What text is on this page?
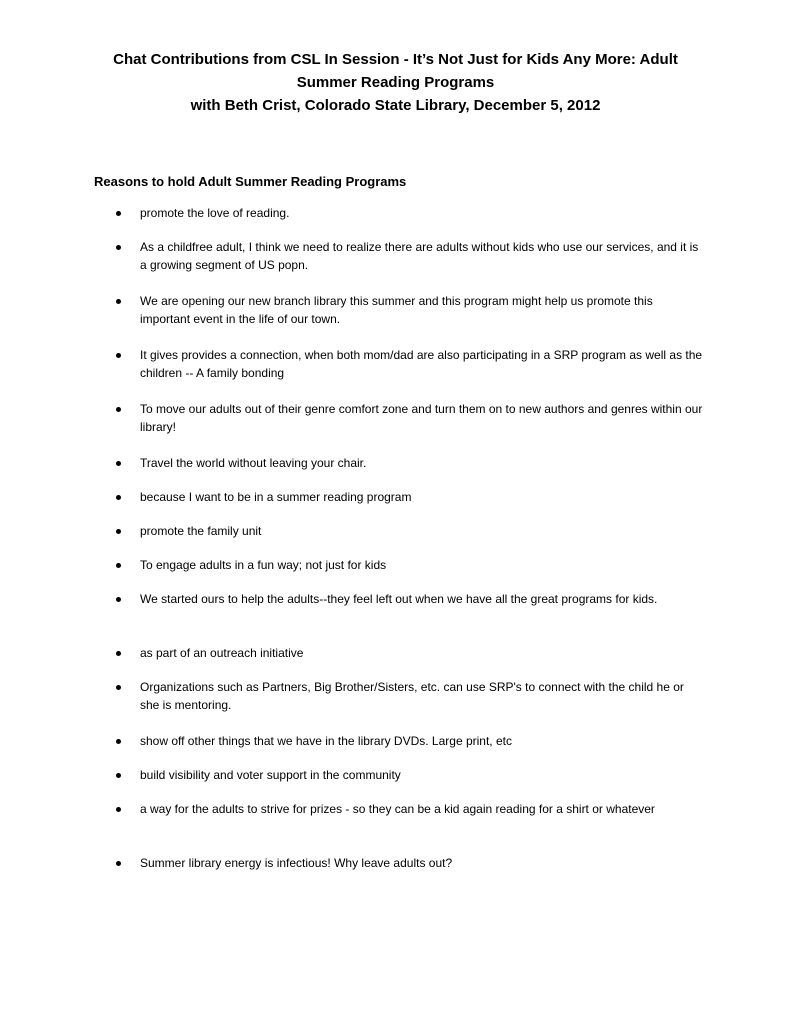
Chat Contributions from CSL In Session - It’s Not Just for Kids Any More: Adult
Summer Reading Programs
with Beth Crist, Colorado State Library, December 5, 2012
Reasons to hold Adult Summer Reading Programs
promote the love of reading.
As a childfree adult, I think we need to realize there are adults without kids who use our services, and it is a growing segment of US popn.
We are opening our new branch library this summer and this program might help us promote this important event in the life of our town.
It gives provides a connection, when both mom/dad are also participating in a SRP program as well as the children -- A family bonding
To move our adults out of their genre comfort zone and turn them on to new authors and genres within our library!
Travel the world without leaving your chair.
because I want to be in a summer reading program
promote the family unit
To engage adults in a fun way; not just for kids
We started ours to help the adults--they feel left out when we have all the great programs for kids.
as part of an outreach initiative
Organizations such as Partners, Big Brother/Sisters, etc. can use SRP's to connect with the child he or she is mentoring.
show off other things that we have in the library DVDs. Large print, etc
build visibility and voter support in the community
a way for the adults to strive for prizes - so they can be a kid again reading for a shirt or whatever
Summer library energy is infectious! Why leave adults out?
